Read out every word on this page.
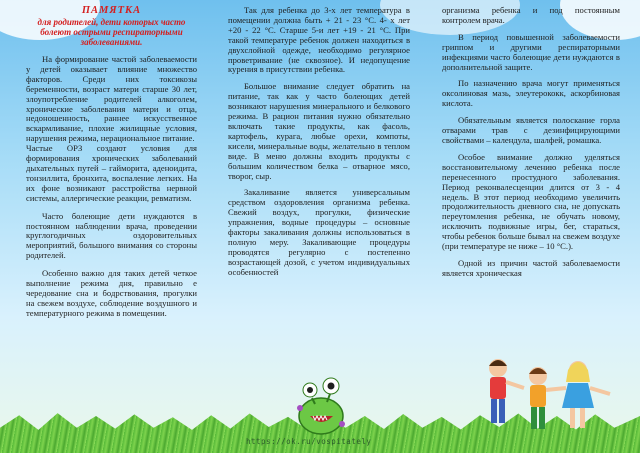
ПАМЯТКА
для родителей, дети которых часто болеют острыми респираторными заболеваниями.

На формирование частой заболеваемости у детей оказывает влияние множество факторов. Среди них токсикозы беременности, возраст матери старше 30 лет, злоупотребление родителей алкоголем, хронические заболевания матери и отца, недоношенность, раннее искусственное вскармливание, плохие жилищные условия, нарушения режима, нерациональное питание.

Частые ОРЗ создают условия для формирования хронических заболеваний дыхательных путей – гайморита, аденоидита, тонзиллита, бронхита, воспаление легких. На их фоне возникают расстройства нервной системы, аллергические реакции, ревматизм.

Часто болеющие дети нуждаются в постоянном наблюдении врача, проведении круглогодичных оздоровительных мероприятий, большого внимания со стороны родителей.

Особенно важно для таких детей четкое выполнение режима дня, правильно е чередование сна и бодрствования, прогулки на свежем воздухе, соблюдение воздушного и температурного режима в помещении.

Так для ребенка до 3-х лет температура в помещении должна быть + 21 - 23 °С. 4- х лет +20 - 22 °С. Старше 5-и лет +19 - 21 °С. При такой температуре ребенок должен находиться в двухслойной одежде, необходимо регулярное проветривание (не сквозное). И недопущение курения в присутствии ребенка.

Большое внимание следует обратить на питание, так как у часто болеющих детей возникают нарушения минерального и белкового режима. В рацион питания нужно обязательно включать такие продукты, как фасоль, картофель, курага, любые орехи, компоты, кисели, минеральные воды, желательно в теплом виде. В меню должны входить продукты с большим количеством белка – отварное мясо, творог, сыр.

Закаливание является универсальным средством оздоровления организма ребенка. Свежий воздух, прогулки, физические упражнения, водные процедуры – основные факторы закаливания должны использоваться в полную меру. Закаливающие процедуры проводятся регулярно с постепенно возрастающей дозой, с учетом индивидуальных особенностей

организма ребенка и под постоянным контролем врача.

В период повышенной заболеваемости гриппом и другими респираторными инфекциями часто болеющие дети нуждаются в дополнительной защите.

По назначению врача могут применяться оксолиновая мазь, элеутерококк, аскорбиновая кислота.

Обязательным является полоскание горла отварами трав с дезинфицирующими свойствами – календула, шалфей, ромашка.

Особое внимание должно уделяться восстановительному лечению ребенка после перенесенного простудного заболевания. Период реконвалесценции длится от 3 - 4 недель. В этот период необходимо увеличить продолжительность дневного сна, не допускать переутомления ребенка, не обучать новому, исключить подвижные игры, бег, стараться, чтобы ребенок больше бывал на свежем воздухе (при температуре не ниже – 10 °С.).

Одной из причин частой заболеваемости является хроническая

https://ok.ru/vospitately
